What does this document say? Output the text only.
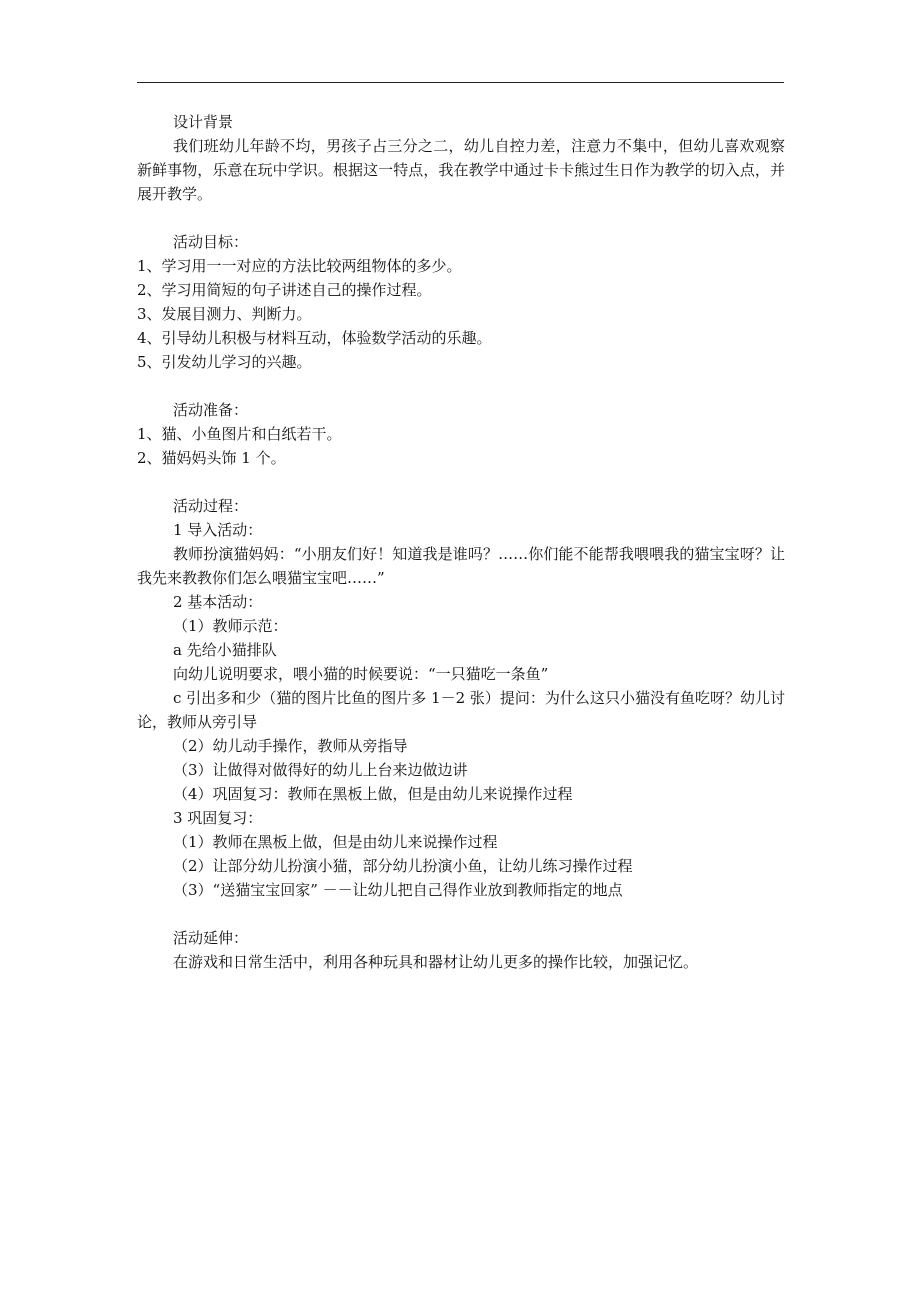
设计背景

我们班幼儿年龄不均，男孩子占三分之二，幼儿自控力差，注意力不集中，但幼儿喜欢观察新鲜事物，乐意在玩中学识。根据这一特点，我在教学中通过卡卡熊过生日作为教学的切入点，并展开教学。

活动目标：
1、学习用一一对应的方法比较两组物体的多少。
2、学习用简短的句子讲述自己的操作过程。
3、发展目测力、判断力。
4、引导幼儿积极与材料互动，体验数学活动的乐趣。
5、引发幼儿学习的兴趣。
活动准备：
1、猫、小鱼图片和白纸若干。
2、猫妈妈头饰 1 个。
活动过程：
1 导入活动：

教师扮演猫妈妈：“小朋友们好！知道我是谁吗？……你们能不能帮我喂喂我的猫宝宝呀？让我先来教教你们怎么喂猫宝宝吧……”

2 基本活动：
（1）教师示范：
a 先给小猫排队
向幼儿说明要求，喂小猫的时候要说：“一只猫吃一条鱼”

c 引出多和少（猫的图片比鱼的图片多 1－2 张）提问：为什么这只小猫没有鱼吃呀？幼儿讨论，教师从旁引导

（2）幼儿动手操作，教师从旁指导
（3）让做得对做得好的幼儿上台来边做边讲
（4）巩固复习：教师在黑板上做，但是由幼儿来说操作过程
3 巩固复习：
（1）教师在黑板上做，但是由幼儿来说操作过程
（2）让部分幼儿扮演小猫，部分幼儿扮演小鱼，让幼儿练习操作过程
（3）“送猫宝宝回家” －－让幼儿把自己得作业放到教师指定的地点
活动延伸：
在游戏和日常生活中，利用各种玩具和器材让幼儿更多的操作比较，加强记忆。
